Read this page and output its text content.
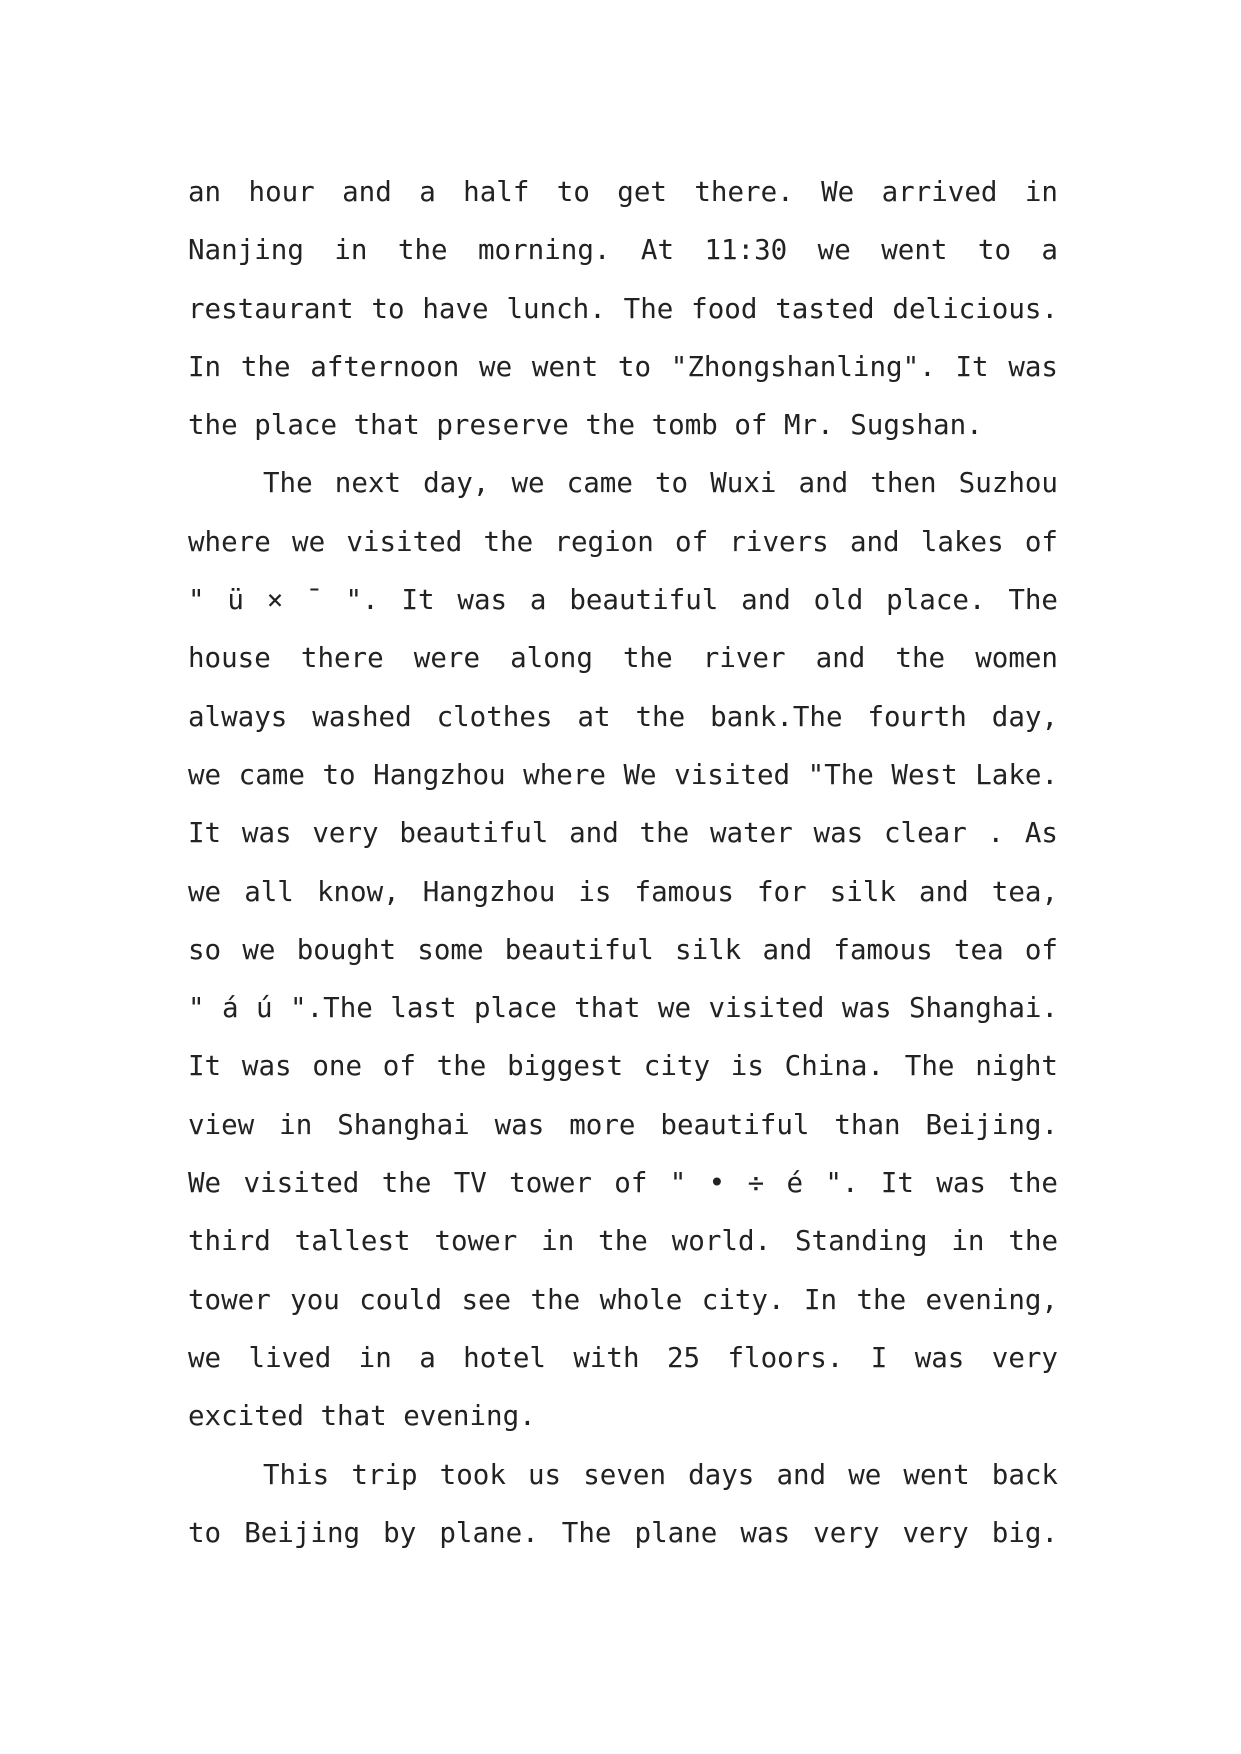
an hour and a half to get there. We arrived in
Nanjing in the morning. At 11:30 we went to a
restaurant to have lunch. The food tasted delicious.
In the afternoon we went to "Zhongshanling". It was
the place that preserve the tomb of Mr. Sugshan.
The next day, we came to Wuxi and then Suzhou
where we visited the region of rivers and lakes of
" ü × ¯ ". It was a beautiful and old place. The
house there were along the river and the women
always washed clothes at the bank.The fourth day,
we came to Hangzhou where We visited "The West Lake.
It was very beautiful and the water was clear . As
we all know, Hangzhou is famous for silk and tea,
so we bought some beautiful silk and famous tea of
" á ú ".The last place that we visited was Shanghai.
It was one of the biggest city is China. The night
view in Shanghai was more beautiful than Beijing.
We visited the TV tower of " • ÷ é ". It was the
third tallest tower in the world. Standing in the
tower you could see the whole city. In the evening,
we lived in a hotel with 25 floors. I was very
excited that evening.
This trip took us seven days and we went back
to Beijing by plane. The plane was very very big.
